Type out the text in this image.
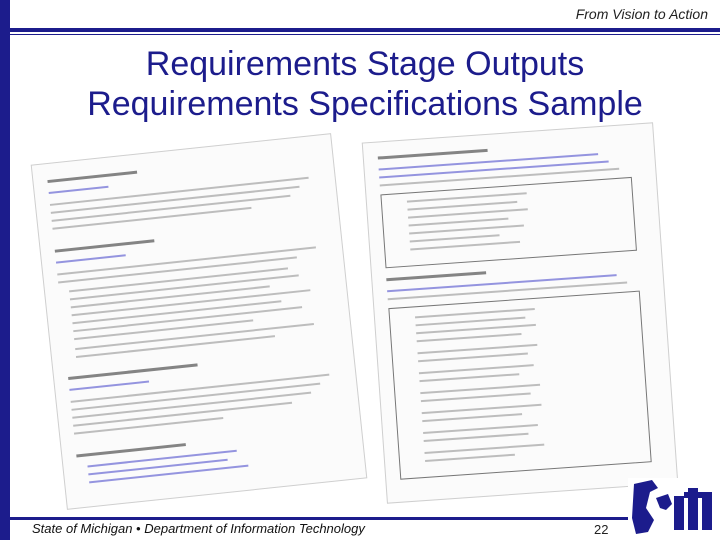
From Vision to Action
Requirements Stage Outputs
Requirements Specifications Sample
State of Michigan • Department of Information Technology	22
